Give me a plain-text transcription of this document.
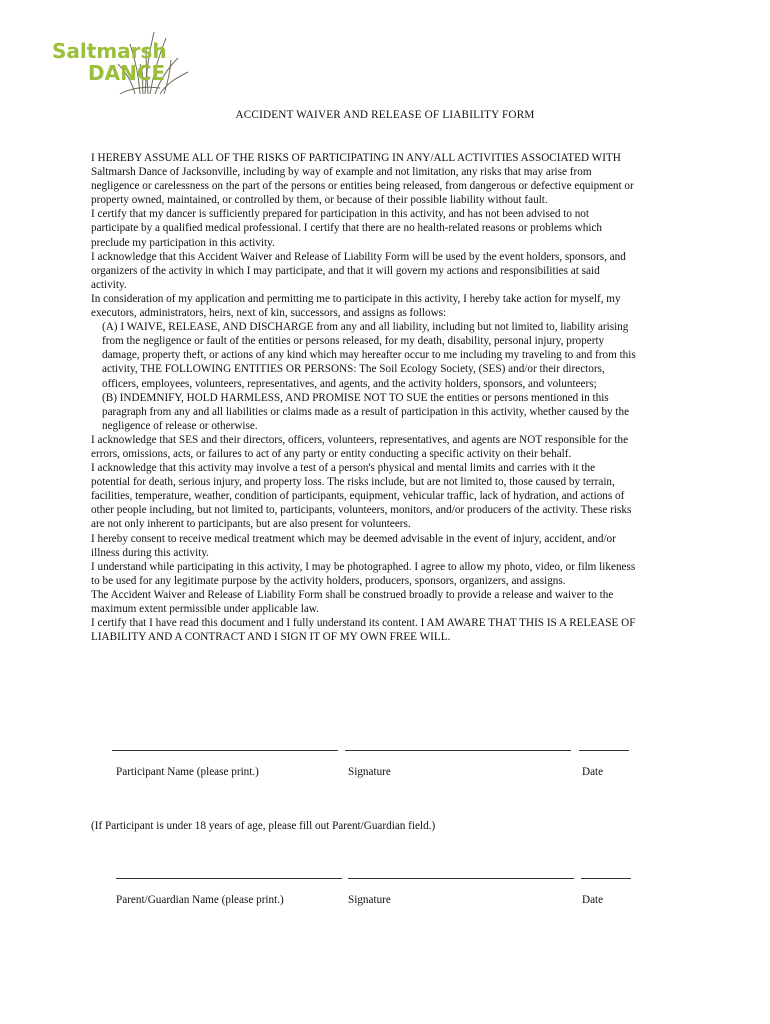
Saltmarsh
DANCE
ACCIDENT WAIVER AND RELEASE OF LIABILITY FORM

I HEREBY ASSUME ALL OF THE RISKS OF PARTICIPATING IN ANY/ALL ACTIVITIES ASSOCIATED WITH Saltmarsh Dance of Jacksonville, including by way of example and not limitation, any risks that may arise from negligence or carelessness on the part of the persons or entities being released, from dangerous or defective equipment or property owned, maintained, or controlled by them, or because of their possible liability without fault.

I certify that my dancer is sufficiently prepared for participation in this activity, and has not been advised to not participate by a qualified medical professional. I certify that there are no health-related reasons or problems which preclude my participation in this activity.

I acknowledge that this Accident Waiver and Release of Liability Form will be used by the event holders, sponsors, and organizers of the activity in which I may participate, and that it will govern my actions and responsibilities at said activity.

In consideration of my application and permitting me to participate in this activity, I hereby take action for myself, my executors, administrators, heirs, next of kin, successors, and assigns as follows:

(A) I WAIVE, RELEASE, AND DISCHARGE from any and all liability, including but not limited to, liability arising from the negligence or fault of the entities or persons released, for my death, disability, personal injury, property damage, property theft, or actions of any kind which may hereafter occur to me including my traveling to and from this activity, THE FOLLOWING ENTITIES OR PERSONS: The Soil Ecology Society, (SES) and/or their directors, officers, employees, volunteers, representatives, and agents, and the activity holders, sponsors, and volunteers;

(B) INDEMNIFY, HOLD HARMLESS, AND PROMISE NOT TO SUE the entities or persons mentioned in this paragraph from any and all liabilities or claims made as a result of participation in this activity, whether caused by the negligence of release or otherwise.

I acknowledge that SES and their directors, officers, volunteers, representatives, and agents are NOT responsible for the errors, omissions, acts, or failures to act of any party or entity conducting a specific activity on their behalf.

I acknowledge that this activity may involve a test of a person's physical and mental limits and carries with it the potential for death, serious injury, and property loss. The risks include, but are not limited to, those caused by terrain, facilities, temperature, weather, condition of participants, equipment, vehicular traffic, lack of hydration, and actions of other people including, but not limited to, participants, volunteers, monitors, and/or producers of the activity. These risks are not only inherent to participants, but are also present for volunteers.

I hereby consent to receive medical treatment which may be deemed advisable in the event of injury, accident, and/or illness during this activity.

I understand while participating in this activity, I may be photographed. I agree to allow my photo, video, or film likeness to be used for any legitimate purpose by the activity holders, producers, sponsors, organizers, and assigns.

The Accident Waiver and Release of Liability Form shall be construed broadly to provide a release and waiver to the maximum extent permissible under applicable law.

I certify that I have read this document and I fully understand its content. I AM AWARE THAT THIS IS A RELEASE OF LIABILITY AND A CONTRACT AND I SIGN IT OF MY OWN FREE WILL.

Participant Name (please print.)	Signature	Date
(If Participant is under 18 years of age, please fill out Parent/Guardian field.)
Parent/Guardian Name (please print.)	Signature	Date
